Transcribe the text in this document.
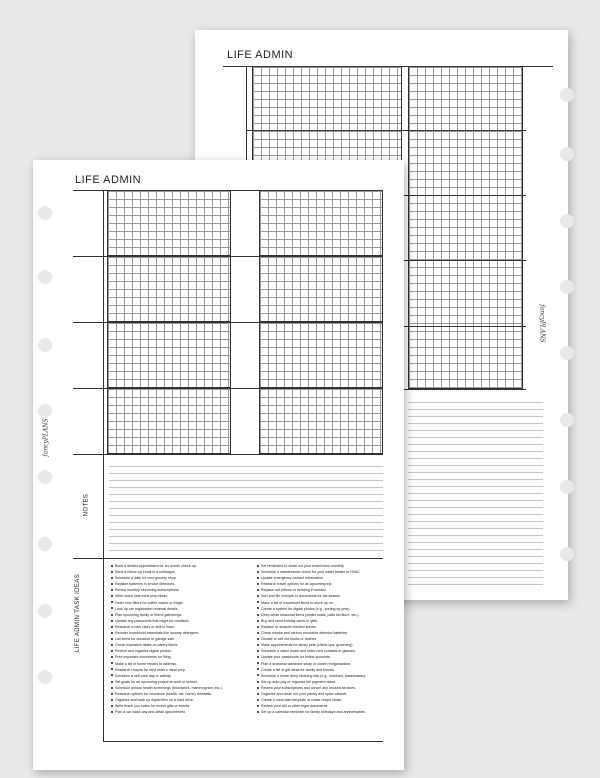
LIFE ADMIN
fancyPLANS
LIFE ADMIN
NOTES
LIFE ADMIN TASK IDEAS
Book a dentist appointment for six month check-up.
Send a follow-up email to a colleague.
Schedule a date for next grocery shop.
Replace batteries in smoke detectors.
Renew monthly streaming subscriptions.
Write down new meal prep ideas.
Order new filters for coffee maker or fridge.
Look up car registration renewal details.
Plan upcoming family or friend gatherings.
Update any passwords that might be outdated.
Research a new class or skill to learn.
Reorder household essentials like laundry detergent.
List items for donation or garage sale.
Check expiration dates on pantry items.
Review and organize digital photos.
Print important documents for filing.
Make a list of home repairs to address.
Research recipes for next week's meal prep.
Schedule a self-care day or activity.
Set goals for an upcoming project at work or school.
Schedule annual health screenings (bloodwork, mammogram, etc.).
Research options for insurance (health, car, home) renewals.
Organize and back up digital files on a hard drive.
Write thank you notes for recent gifts or events.
Plan a car wash day and detail appointment.
Set reminders to clean out your email inbox monthly.
Schedule a maintenance check for your water heater or HVAC.
Update emergency contact information.
Research travel options for an upcoming trip.
Replace old pillows or bedding if needed.
Sort and file receipts or documents for tax season.
Make a list of household items to stock up on.
Create a system for digital photos (e.g., sorting by year).
Deep clean seasonal items (winter coats, patio furniture, etc.).
Buy and send holiday cards or gifts.
Replace or sharpen kitchen knives.
Check smoke and carbon monoxide detector batteries.
Donate or sell old books or clothes.
Make appointments for family pets (check-ups, grooming).
Schedule a vision exam and order new contacts or glasses.
Update your passwords for online accounts.
Plan a seasonal wardrobe swap or closet reorganization.
Create a list of gift ideas for family and friends.
Schedule a home deep cleaning day (e.g., windows, baseboards).
Set up auto-pay or organize bill payment dates.
Review your subscriptions and cancel any unused services.
Organize and clean out your pantry and spice cabinet.
Create a meal plan template or rotate recipe ideas.
Review your will or other legal documents.
Set up a calendar reminder for family birthdays and anniversaries.
fancyPLANS
